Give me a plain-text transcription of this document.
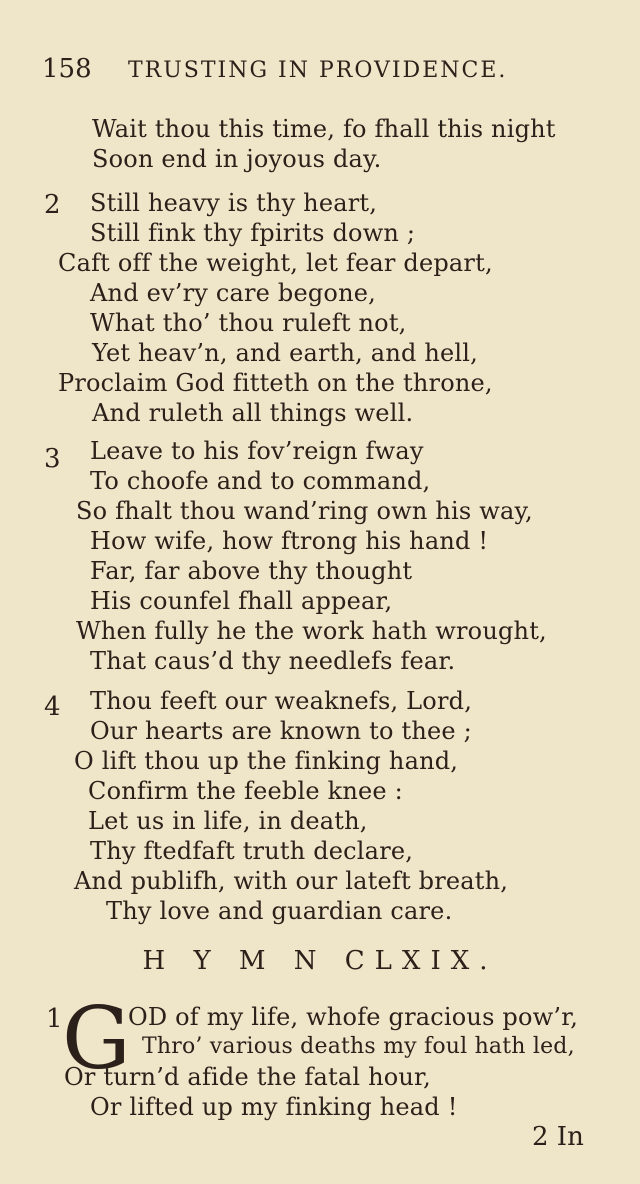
158 TRUSTING IN PROVIDENCE.
Wait thou this time, fo fhall this night
Soon end in joyous day.
2 Still heavy is thy heart,
Still fink thy fpirits down ;
Caft off the weight, let fear depart,
And ev’ry care begone,
What tho’ thou ruleft not,
Yet heav’n, and earth, and hell,
Proclaim God fitteth on the throne,
And ruleth all things well.
3 Leave to his fov’reign fway
To choofe and to command,
So fhalt thou wand’ring own his way,
How wife, how ftrong his hand !
Far, far above thy thought
His counfel fhall appear,
When fully he the work hath wrought,
That caus’d thy needlefs fear.
4 Thou feeft our weaknefs, Lord,
Our hearts are known to thee ;
O lift thou up the finking hand,
Confirm the feeble knee :
Let us in life, in death,
Thy ftedfaft truth declare,
And publifh, with our lateft breath,
Thy love and guardian care.
H Y M N CLXIX.
1 G
OD of my life, whofe gracious pow’r,
Thro’ various deaths my foul hath led,
Or turn’d afide the fatal hour,
Or lifted up my finking head !
2 In
